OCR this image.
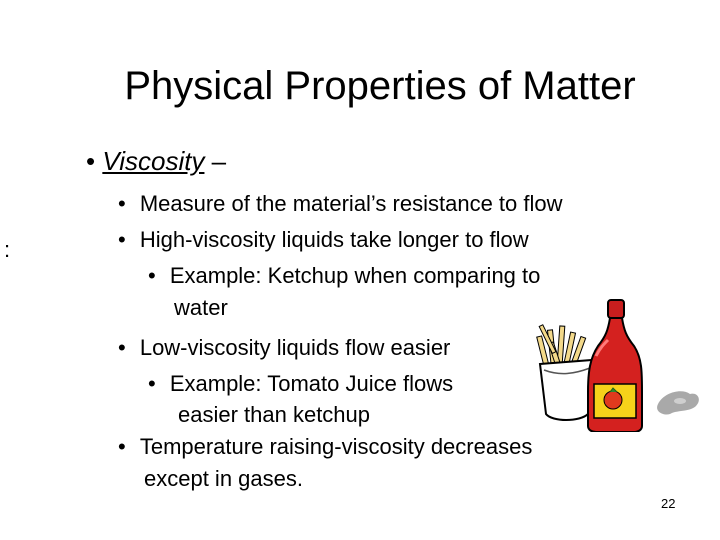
Physical Properties of Matter
:
• Viscosity –
• Measure of the material’s resistance to flow
• High-viscosity liquids take longer to flow
• Example: Ketchup when comparing to
water
• Low-viscosity liquids flow easier
• Example: Tomato Juice flows
easier than ketchup
• Temperature raising-viscosity decreases
except in gases.
22
